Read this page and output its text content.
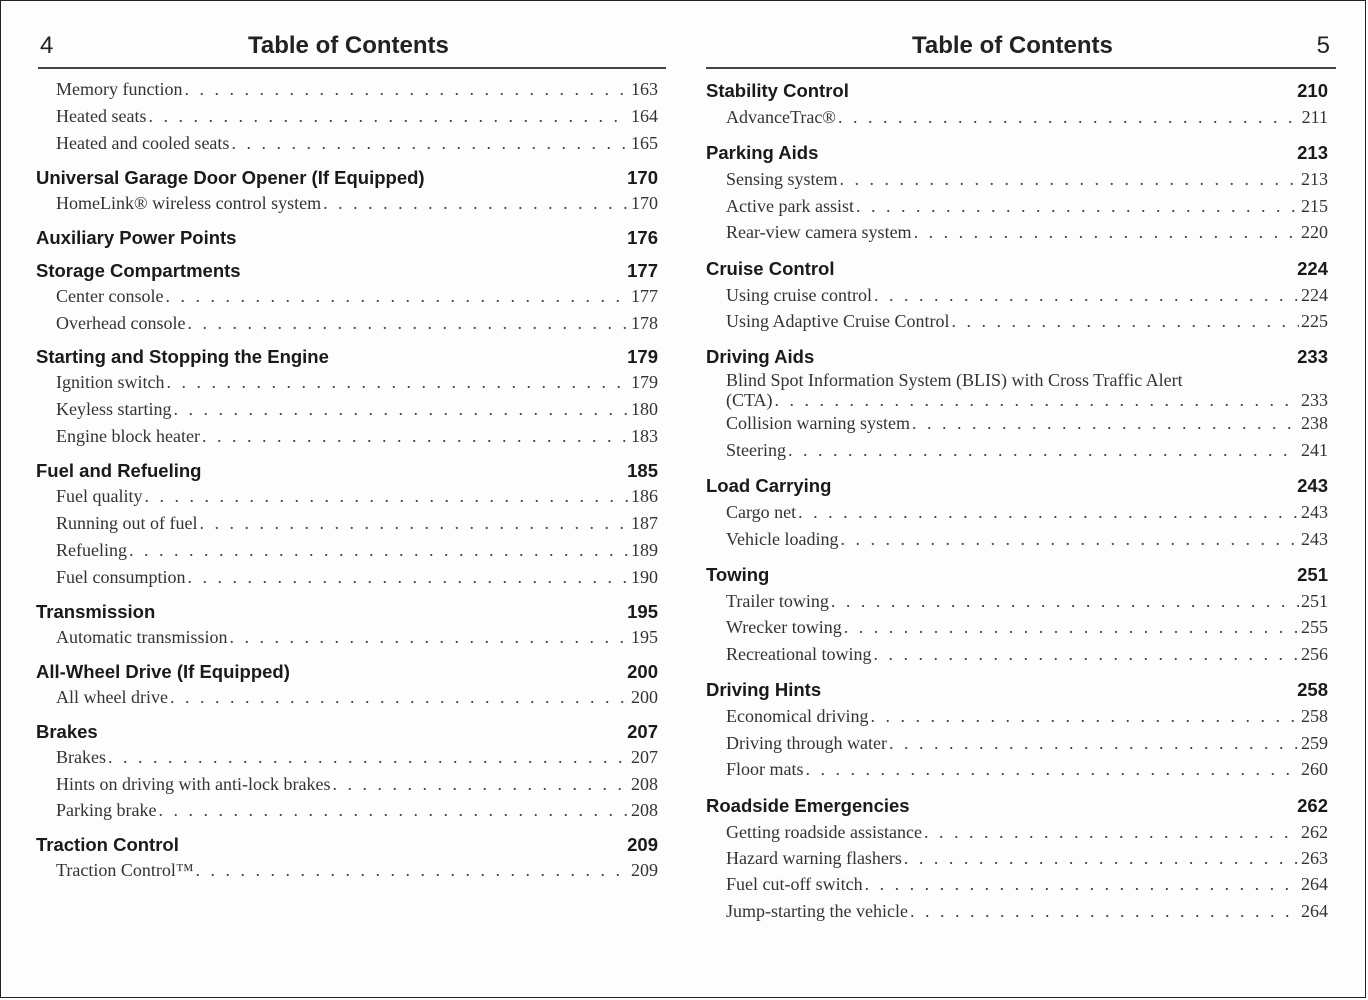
4	Table of Contents
Memory function . . .	163
Heated seats . . .	164
Heated and cooled seats . . .	165
Universal Garage Door Opener (If Equipped)	170
HomeLink® wireless control system . . .	170
Auxiliary Power Points	176
Storage Compartments	177
Center console . . .	177
Overhead console . . .	178
Starting and Stopping the Engine	179
Ignition switch . . .	179
Keyless starting . . .	180
Engine block heater . . .	183
Fuel and Refueling	185
Fuel quality . . .	186
Running out of fuel . . .	187
Refueling . . .	189
Fuel consumption . . .	190
Transmission	195
Automatic transmission . . .	195
All-Wheel Drive (If Equipped)	200
All wheel drive . . .	200
Brakes	207
Brakes . . .	207
Hints on driving with anti-lock brakes . . .	208
Parking brake . . .	208
Traction Control	209
Traction Control™ . . .	209
Table of Contents	5
Stability Control	210
AdvanceTrac® . . .	211
Parking Aids	213
Sensing system . . .	213
Active park assist . . .	215
Rear-view camera system . . .	220
Cruise Control	224
Using cruise control . . .	224
Using Adaptive Cruise Control . . .	225
Driving Aids	233
Blind Spot Information System (BLIS) with Cross Traffic Alert
(CTA) . . .	233
Collision warning system . . .	238
Steering . . .	241
Load Carrying	243
Cargo net . . .	243
Vehicle loading . . .	243
Towing	251
Trailer towing . . .	251
Wrecker towing . . .	255
Recreational towing . . .	256
Driving Hints	258
Economical driving . . .	258
Driving through water . . .	259
Floor mats . . .	260
Roadside Emergencies	262
Getting roadside assistance . . .	262
Hazard warning flashers . . .	263
Fuel cut-off switch . . .	264
Jump-starting the vehicle . . .	264
